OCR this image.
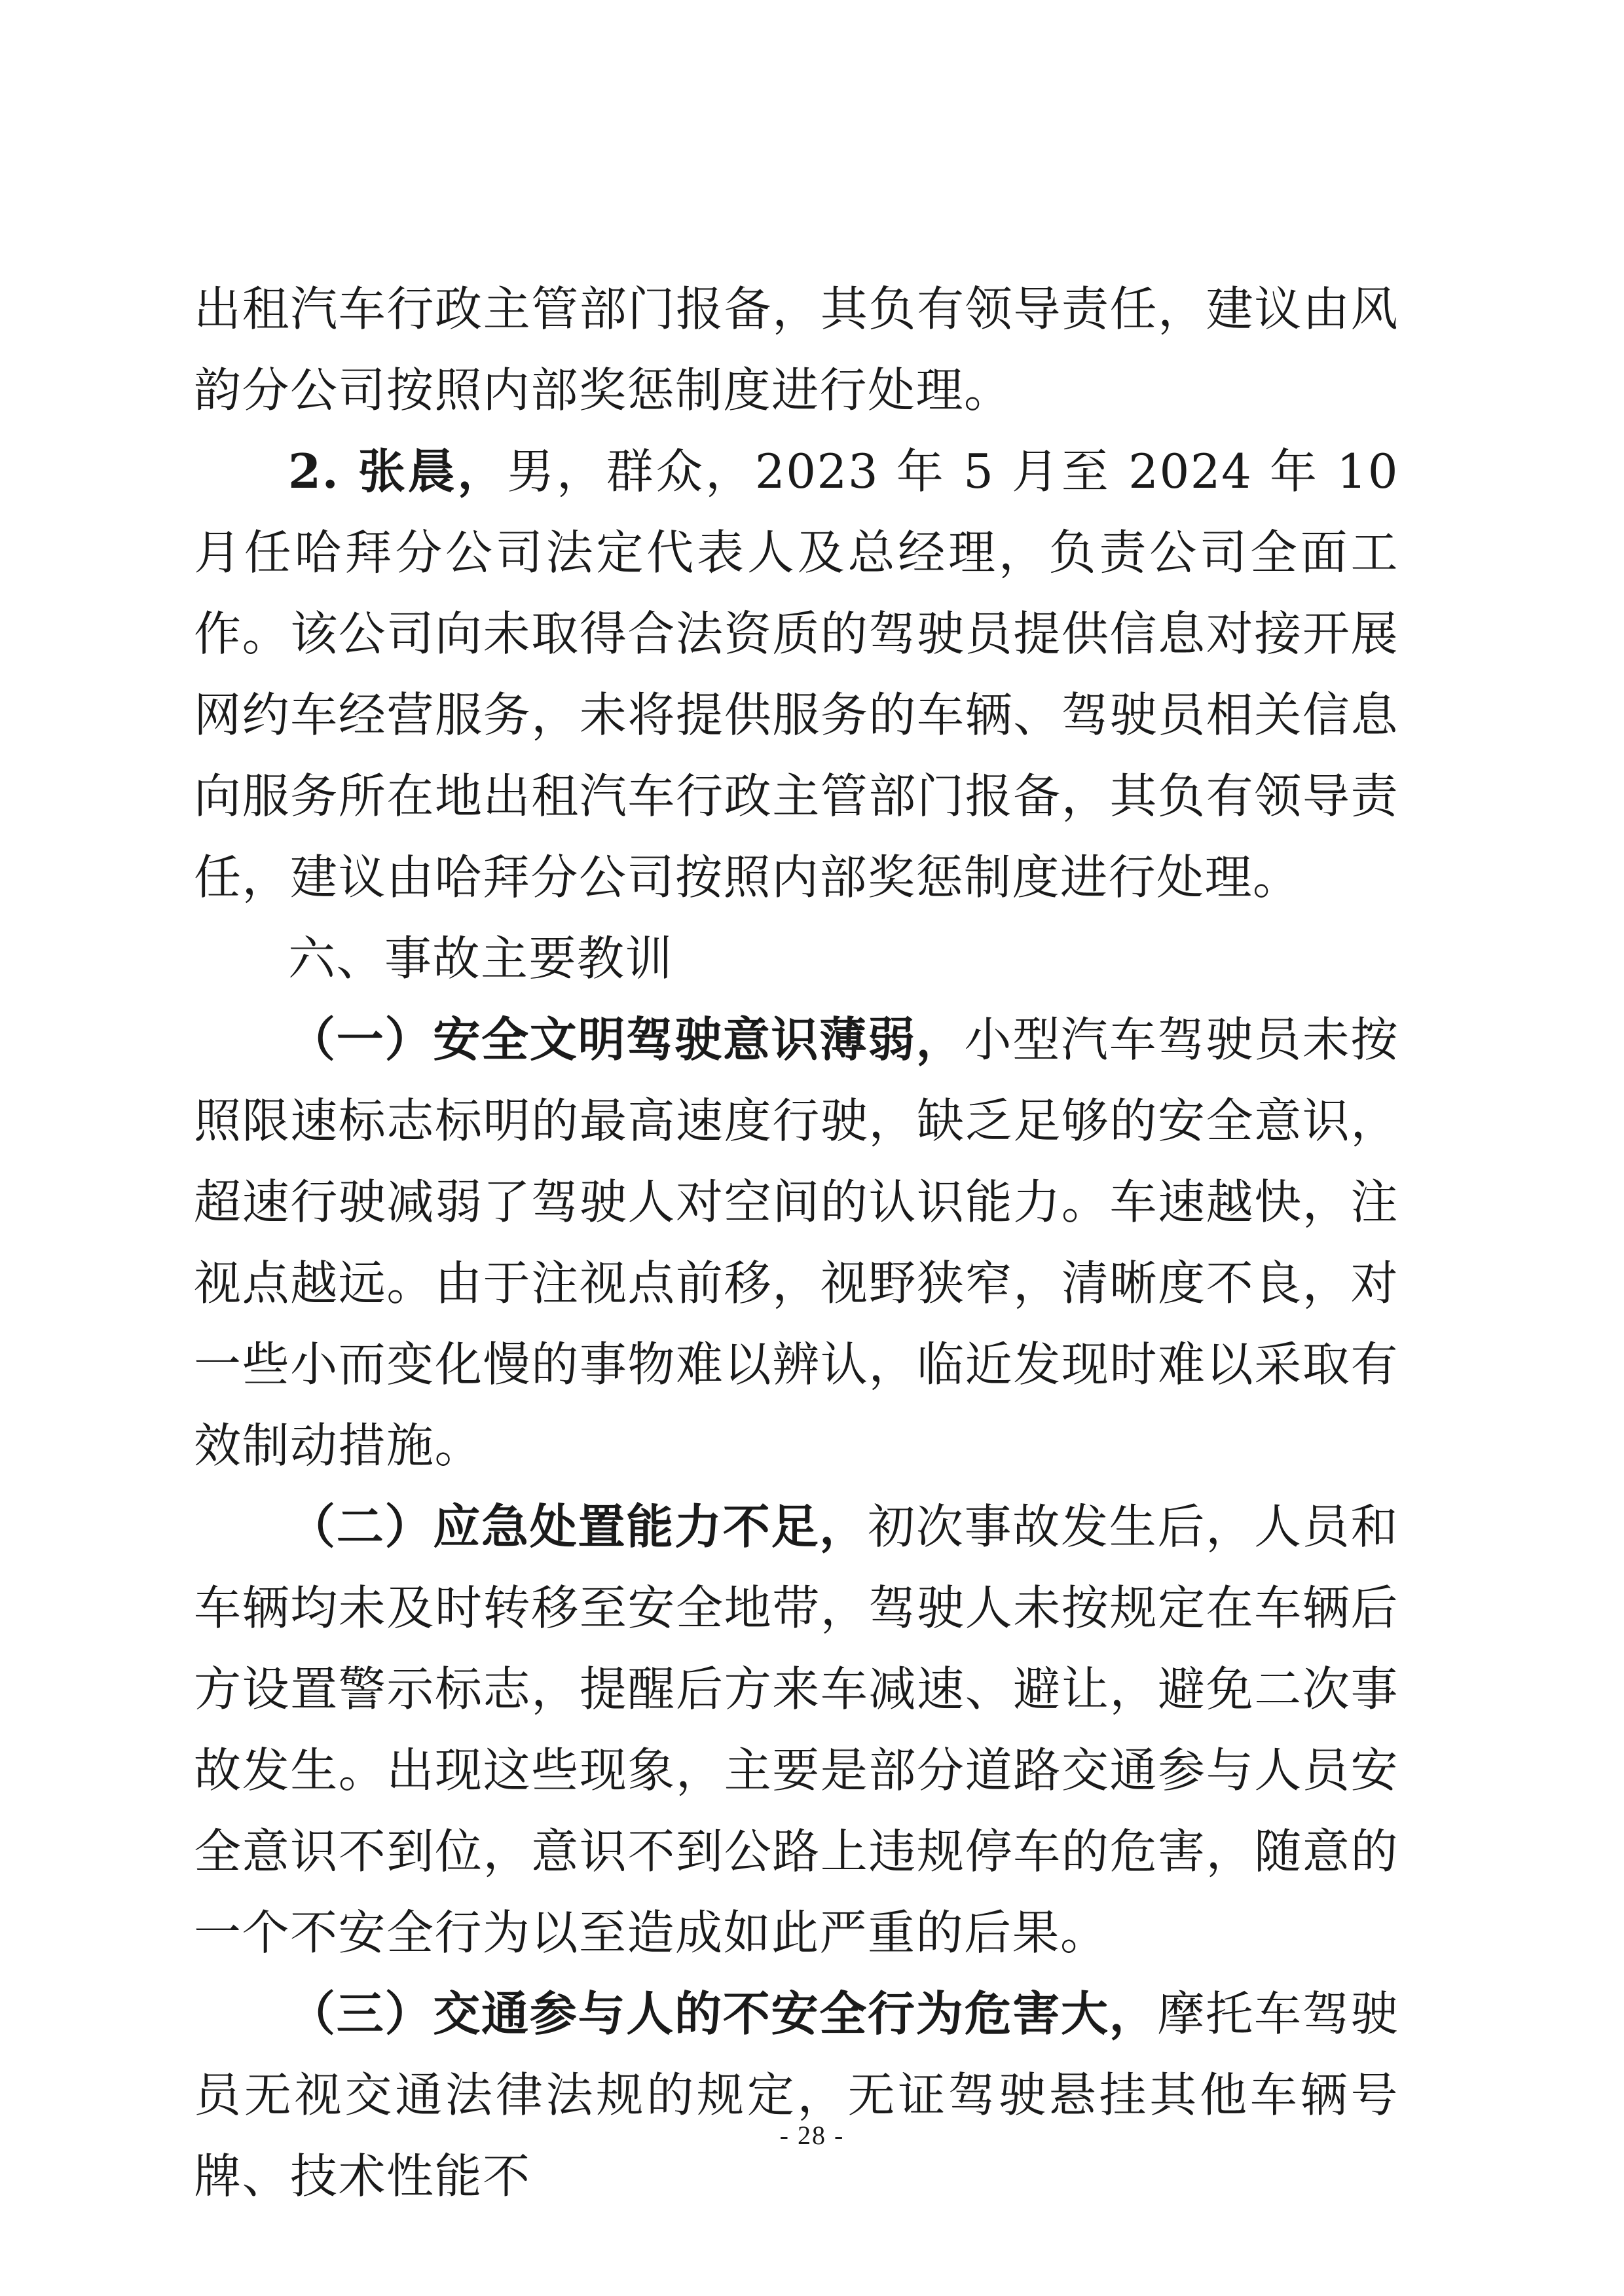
出租汽车行政主管部门报备，其负有领导责任，建议由风韵分公司按照内部奖惩制度进行处理。

2. 张晨，男，群众，2023 年 5 月至 2024 年 10 月任哈拜分公司法定代表人及总经理，负责公司全面工作。该公司向未取得合法资质的驾驶员提供信息对接开展网约车经营服务，未将提供服务的车辆、驾驶员相关信息向服务所在地出租汽车行政主管部门报备，其负有领导责任，建议由哈拜分公司按照内部奖惩制度进行处理。

六、事故主要教训

（一）安全文明驾驶意识薄弱，小型汽车驾驶员未按照限速标志标明的最高速度行驶，缺乏足够的安全意识，超速行驶减弱了驾驶人对空间的认识能力。车速越快，注视点越远。由于注视点前移，视野狭窄，清晰度不良，对一些小而变化慢的事物难以辨认，临近发现时难以采取有效制动措施。

（二）应急处置能力不足，初次事故发生后，人员和车辆均未及时转移至安全地带，驾驶人未按规定在车辆后方设置警示标志，提醒后方来车减速、避让，避免二次事故发生。出现这些现象，主要是部分道路交通参与人员安全意识不到位，意识不到公路上违规停车的危害，随意的一个不安全行为以至造成如此严重的后果。

（三）交通参与人的不安全行为危害大，摩托车驾驶员无视交通法律法规的规定，无证驾驶悬挂其他车辆号牌、技术性能不

- 28 -
